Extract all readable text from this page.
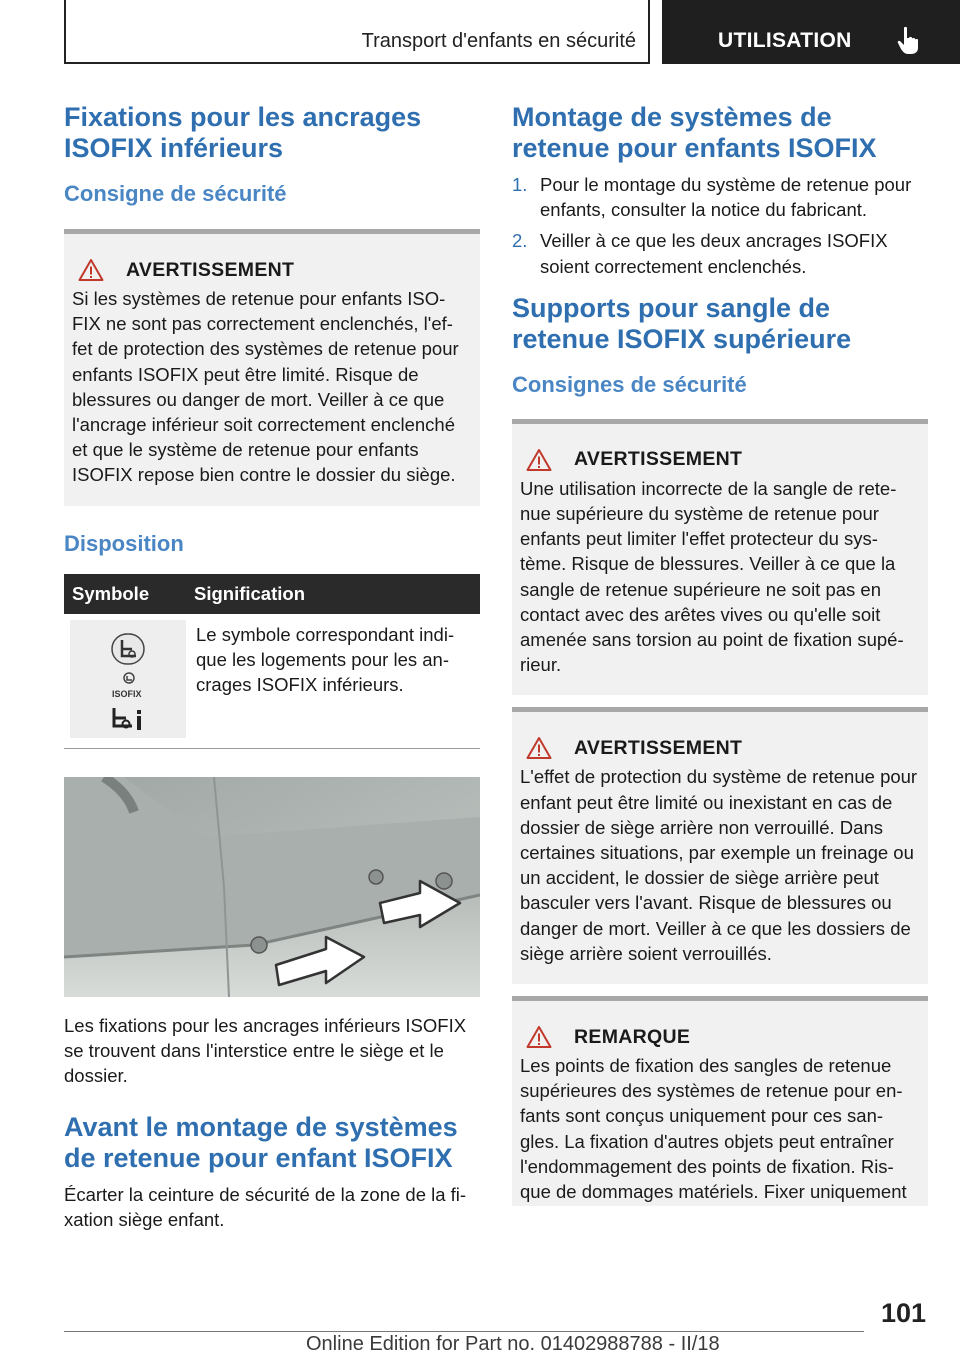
Transport d'enfants en sécurité	UTILISATION
Fixations pour les ancrages ISOFIX inférieurs
Consigne de sécurité
AVERTISSEMENT

Si les systèmes de retenue pour enfants ISO-FIX ne sont pas correctement enclenchés, l'ef-fet de protection des systèmes de retenue pour enfants ISOFIX peut être limité. Risque de blessures ou danger de mort. Veiller à ce que l'ancrage inférieur soit correctement enclenché et que le système de retenue pour enfants ISOFIX repose bien contre le dossier du siège.

Disposition
Symbole	Signification

ISOFIX	Le symbole correspondant indi-que les logements pour les an-crages ISOFIX inférieurs.

Les fixations pour les ancrages inférieurs ISOFIX se trouvent dans l'interstice entre le siège et le dossier.

Avant le montage de systèmes de retenue pour enfant ISOFIX

Écarter la ceinture de sécurité de la zone de la fi-xation siège enfant.

Montage de systèmes de retenue pour enfants ISOFIX
1. Pour le montage du système de retenue pour enfants, consulter la notice du fabricant.
2. Veiller à ce que les deux ancrages ISOFIX soient correctement enclenchés.
Supports pour sangle de retenue ISOFIX supérieure
Consignes de sécurité
AVERTISSEMENT

Une utilisation incorrecte de la sangle de rete-nue supérieure du système de retenue pour enfants peut limiter l'effet protecteur du sys-tème. Risque de blessures. Veiller à ce que la sangle de retenue supérieure ne soit pas en contact avec des arêtes vives ou qu'elle soit amenée sans torsion au point de fixation supé-rieur.

AVERTISSEMENT

L'effet de protection du système de retenue pour enfant peut être limité ou inexistant en cas de dossier de siège arrière non verrouillé. Dans certaines situations, par exemple un freinage ou un accident, le dossier de siège arrière peut basculer vers l'avant. Risque de blessures ou danger de mort. Veiller à ce que les dossiers de siège arrière soient verrouillés.

REMARQUE

Les points de fixation des sangles de retenue supérieures des systèmes de retenue pour en-fants sont conçus uniquement pour ces san-gles. La fixation d'autres objets peut entraîner l'endommagement des points de fixation. Ris-que de dommages matériels. Fixer uniquement

101
Online Edition for Part no. 01402988788 - II/18
